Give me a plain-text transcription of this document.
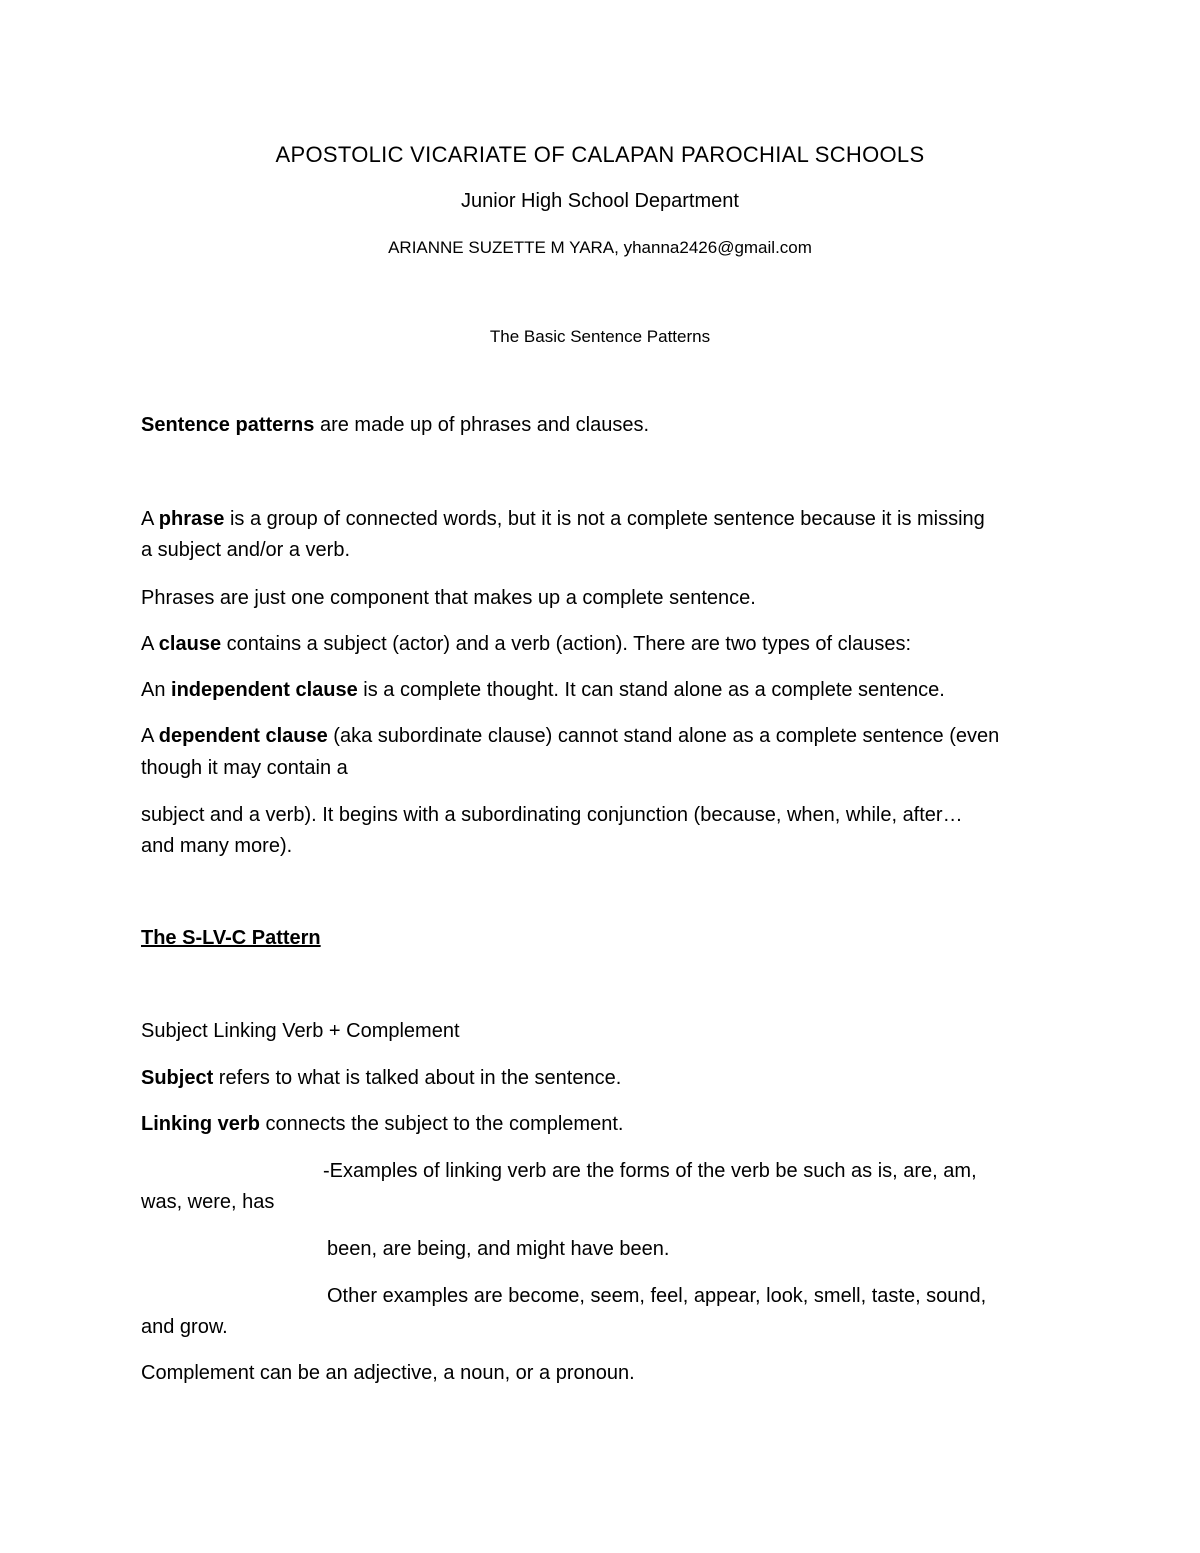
APOSTOLIC VICARIATE OF CALAPAN PAROCHIAL SCHOOLS
Junior High School Department
ARIANNE SUZETTE M YARA, yhanna2426@gmail.com
The Basic Sentence Patterns
Sentence patterns are made up of phrases and clauses.
A phrase is a group of connected words, but it is not a complete sentence because it is missing
a subject and/or a verb.
Phrases are just one component that makes up a complete sentence.
A clause contains a subject (actor) and a verb (action). There are two types of clauses:
An independent clause is a complete thought. It can stand alone as a complete sentence.
A dependent clause (aka subordinate clause) cannot stand alone as a complete sentence (even
though it may contain a
subject and a verb). It begins with a subordinating conjunction (because, when, while, after…
and many more).
The S-LV-C Pattern
Subject Linking Verb + Complement
Subject refers to what is talked about in the sentence.
Linking verb connects the subject to the complement.
-Examples of linking verb are the forms of the verb be such as is, are, am,
was, were, has
been, are being, and might have been.
Other examples are become, seem, feel, appear, look, smell, taste, sound,
and grow.
Complement can be an adjective, a noun, or a pronoun.
